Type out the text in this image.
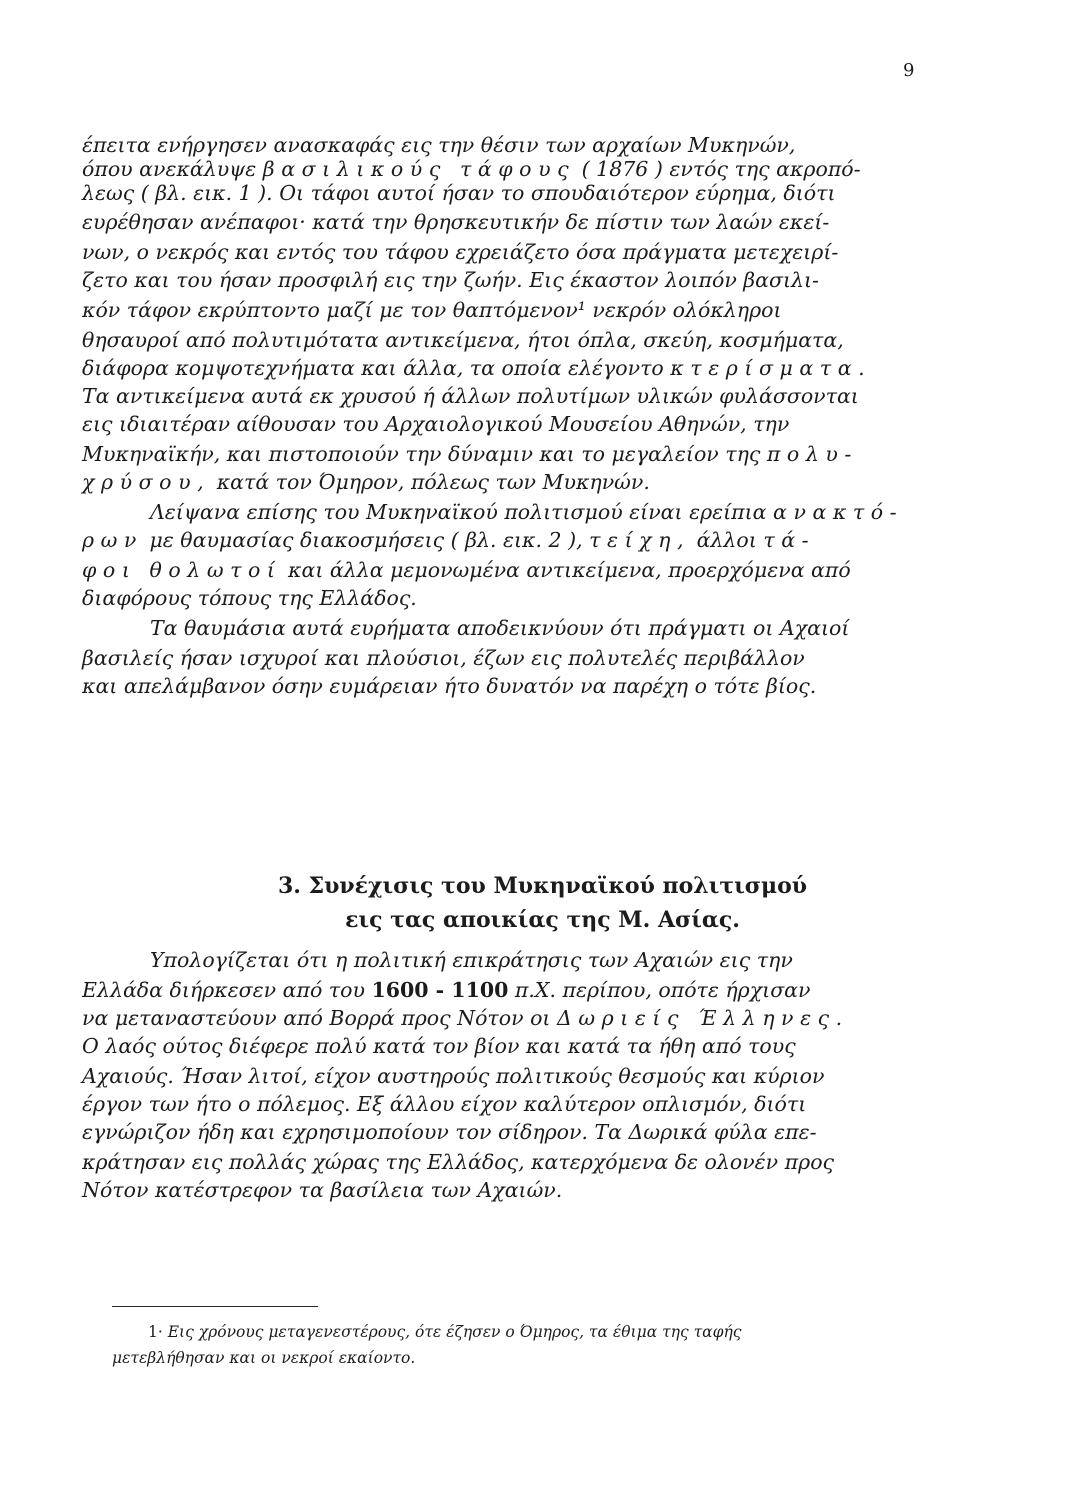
9
έπειτα ενήργησεν ανασκαφάς εις την θέσιν των αρχαίων Μυκηνών,
όπου ανεκάλυψε βασιλικούς τάφους ( 1876 ) εντός της ακροπό-
λεως ( βλ. εικ. 1 ). Οι τάφοι αυτοί ήσαν το σπουδαιότερον εύρημα, διότι
ευρέθησαν ανέπαφοι· κατά την θρησκευτικήν δε πίστιν των λαών εκεί-
νων, ο νεκρός και εντός του τάφου εχρειάζετο όσα πράγματα μετεχειρί-
ζετο και του ήσαν προσφιλή εις την ζωήν. Εις έκαστον λοιπόν βασιλι-
κόν τάφον εκρύπτοντο μαζί με τον θαπτόμενον¹ νεκρόν ολόκληροι
θησαυροί από πολυτιμότατα αντικείμενα, ήτοι όπλα, σκεύη, κοσμήματα,
διάφορα κομψοτεχνήματα και άλλα, τα οποία ελέγοντο κτερίσματα.
Τα αντικείμενα αυτά εκ χρυσού ή άλλων πολυτίμων υλικών φυλάσσονται
εις ιδιαιτέραν αίθουσαν του Αρχαιολογικού Μουσείου Αθηνών, την
Μυκηναϊκήν, και πιστοποιούν την δύναμιν και το μεγαλείον της πολυ-
χρύσου, κατά τον Όμηρον, πόλεως των Μυκηνών.
Λείψανα επίσης του Μυκηναϊκού πολιτισμού είναι ερείπια ανακτό-
ρων με θαυμασίας διακοσμήσεις ( βλ. εικ. 2 ), τείχη, άλλοι τά-
φοι θολωτοί και άλλα μεμονωμένα αντικείμενα, προερχόμενα από
διαφόρους τόπους της Ελλάδος.
Τα θαυμάσια αυτά ευρήματα αποδεικνύουν ότι πράγματι οι Αχαιοί
βασιλείς ήσαν ισχυροί και πλούσιοι, έζων εις πολυτελές περιβάλλον
και απελάμβανον όσην ευμάρειαν ήτο δυνατόν να παρέχη ο τότε βίος.
Υπολογίζεται ότι η πολιτική επικράτησις των Αχαιών εις την
Ελλάδα διήρκεσεν από του 1600 - 1100 π.Χ. περίπου, οπότε ήρχισαν
να μεταναστεύουν από Βορρά προς Νότον οι Δωριείς Έλληνες.
Ο λαός ούτος διέφερε πολύ κατά τον βίον και κατά τα ήθη από τους
Αχαιούς. Ήσαν λιτοί, είχον αυστηρούς πολιτικούς θεσμούς και κύριον
έργον των ήτο ο πόλεμος. Εξ άλλου είχον καλύτερον οπλισμόν, διότι
εγνώριζον ήδη και εχρησιμοποίουν τον σίδηρον. Τα Δωρικά φύλα επε-
κράτησαν εις πολλάς χώρας της Ελλάδος, κατερχόμενα δε ολονέν προς
Νότον κατέστρεφον τα βασίλεια των Αχαιών.
3. Συνέχισις του Μυκηναϊκού πολιτισμού
εις τας αποικίας της Μ. Ασίας.
1· Εις χρόνους μεταγενεστέρους, ότε έζησεν ο Όμηρος, τα έθιμα της ταφής
μετεβλήθησαν και οι νεκροί εκαίοντο.
